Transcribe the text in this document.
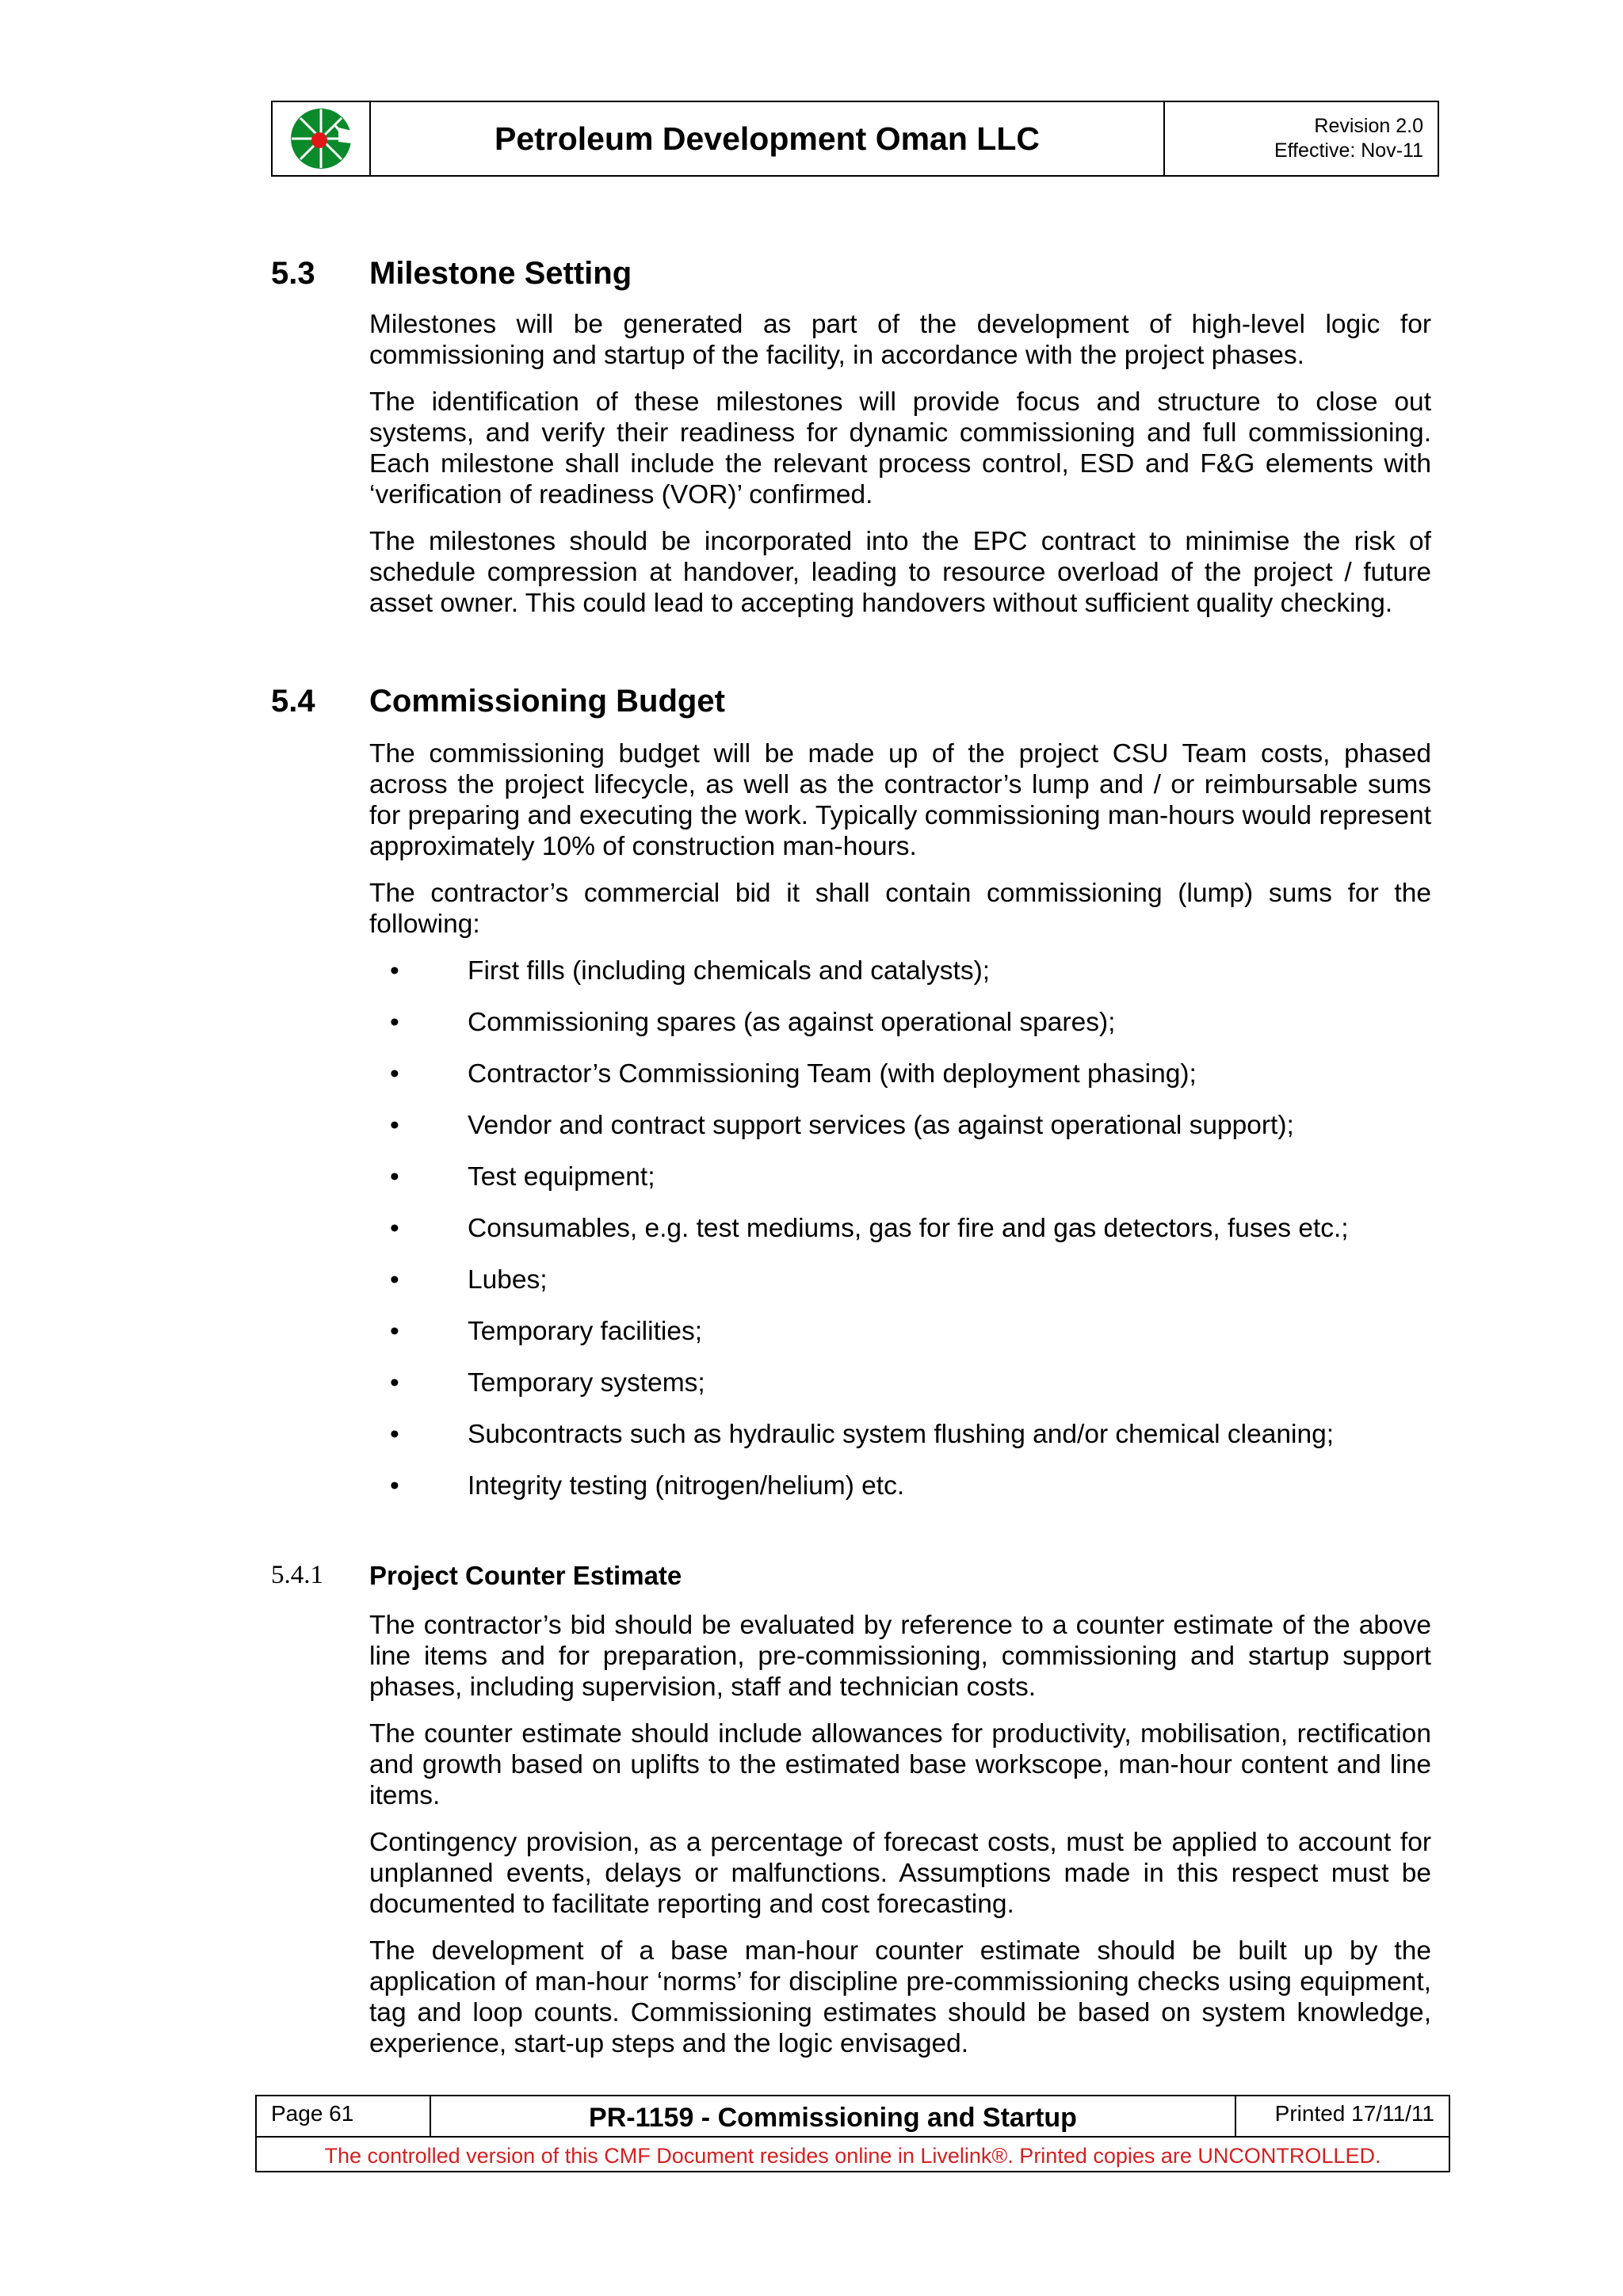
Petroleum Development Oman LLC	Revision 2.0
Effective: Nov-11
5.3 Milestone Setting

Milestones will be generated as part of the development of high-level logic for commissioning and startup of the facility, in accordance with the project phases.

The identification of these milestones will provide focus and structure to close out systems, and verify their readiness for dynamic commissioning and full commissioning. Each milestone shall include the relevant process control, ESD and F&G elements with ‘verification of readiness (VOR)’ confirmed.

The milestones should be incorporated into the EPC contract to minimise the risk of schedule compression at handover, leading to resource overload of the project / future asset owner. This could lead to accepting handovers without sufficient quality checking.

5.4 Commissioning Budget

The commissioning budget will be made up of the project CSU Team costs, phased across the project lifecycle, as well as the contractor’s lump and / or reimbursable sums for preparing and executing the work. Typically commissioning man-hours would represent approximately 10% of construction man-hours.

The contractor’s commercial bid it shall contain commissioning (lump) sums for the following:

•	First fills (including chemicals and catalysts);
•	Commissioning spares (as against operational spares);
•	Contractor’s Commissioning Team (with deployment phasing);
•	Vendor and contract support services (as against operational support);
•	Test equipment;
•	Consumables, e.g. test mediums, gas for fire and gas detectors, fuses etc.;
•	Lubes;
•	Temporary facilities;
•	Temporary systems;
•	Subcontracts such as hydraulic system flushing and/or chemical cleaning;
•	Integrity testing (nitrogen/helium) etc.
5.4.1 Project Counter Estimate

The contractor’s bid should be evaluated by reference to a counter estimate of the above line items and for preparation, pre-commissioning, commissioning and startup support phases, including supervision, staff and technician costs.

The counter estimate should include allowances for productivity, mobilisation, rectification and growth based on uplifts to the estimated base workscope, man-hour content and line items.

Contingency provision, as a percentage of forecast costs, must be applied to account for unplanned events, delays or malfunctions. Assumptions made in this respect must be documented to facilitate reporting and cost forecasting.

The development of a base man-hour counter estimate should be built up by the application of man-hour ‘norms’ for discipline pre-commissioning checks using equipment, tag and loop counts. Commissioning estimates should be based on system knowledge, experience, start-up steps and the logic envisaged.

Page 61	PR-1159 - Commissioning and Startup	Printed 17/11/11
The controlled version of this CMF Document resides online in Livelink®. Printed copies are UNCONTROLLED.
